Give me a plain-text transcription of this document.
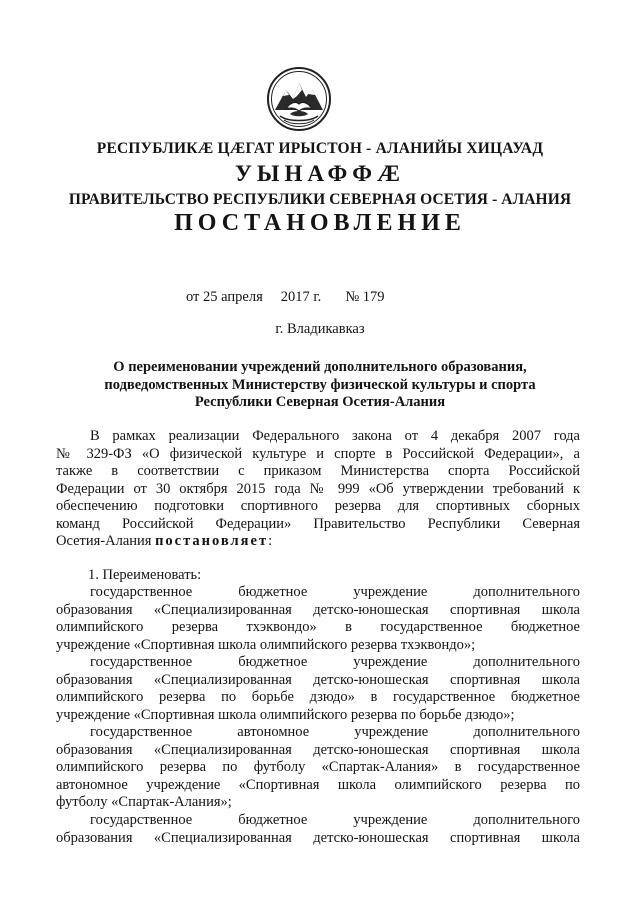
РЕСПУБЛИКӔ ЦӔГАТ ИРЫСТОН - АЛАНИЙЫ ХИЦАУАД
УЫНАФФӔ
ПРАВИТЕЛЬСТВО РЕСПУБЛИКИ СЕВЕРНАЯ ОСЕТИЯ - АЛАНИЯ
ПОСТАНОВЛЕНИЕ
от 25 апреля 2017 г. № 179
г. Владикавказ
О переименовании учреждений дополнительного образования,
подведомственных Министерству физической культуры и спорта
Республики Северная Осетия-Алания
В рамках реализации Федерального закона от 4 декабря 2007 года
№ 329-ФЗ «О физической культуре и спорте в Российской Федерации», а
также в соответствии с приказом Министерства спорта Российской
Федерации от 30 октября 2015 года № 999 «Об утверждении требований к
обеспечению подготовки спортивного резерва для спортивных сборных
команд Российской Федерации» Правительство Республики Северная
Осетия-Алания постановляет:
1. Переименовать:
государственное бюджетное учреждение дополнительного
образования «Специализированная детско-юношеская спортивная школа
олимпийского резерва тхэквондо» в государственное бюджетное
учреждение «Спортивная школа олимпийского резерва тхэквондо»;
государственное бюджетное учреждение дополнительного
образования «Специализированная детско-юношеская спортивная школа
олимпийского резерва по борьбе дзюдо» в государственное бюджетное
учреждение «Спортивная школа олимпийского резерва по борьбе дзюдо»;
государственное автономное учреждение дополнительного
образования «Специализированная детско-юношеская спортивная школа
олимпийского резерва по футболу «Спартак-Алания» в государственное
автономное учреждение «Спортивная школа олимпийского резерва по
футболу «Спартак-Алания»;
государственное бюджетное учреждение дополнительного
образования «Специализированная детско-юношеская спортивная школа
